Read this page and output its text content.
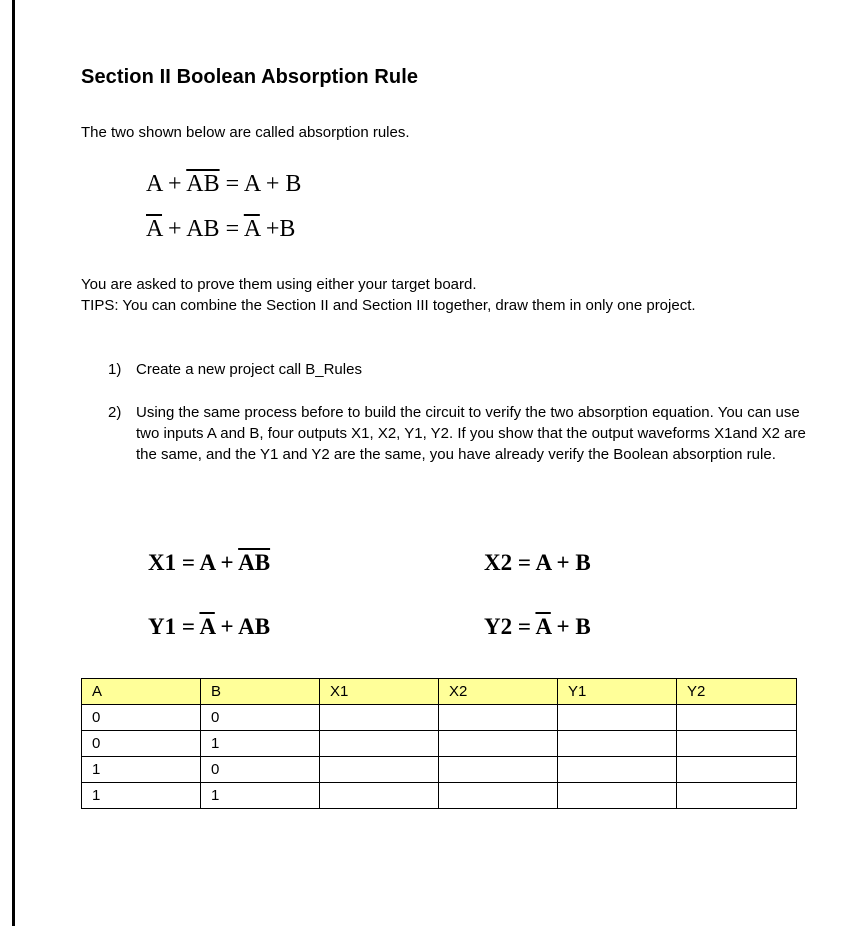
Section II Boolean Absorption Rule
The two shown below are called absorption rules.
$A + \overline{AB} = A + B$
$\overline{A}$ + AB = $\overline{A} +B$
You are asked to prove them using either your target board.
TIPS: You can combine the Section II and Section III together, draw them in only one project.
1) Create a new project call B_Rules
2) Using the same process before to build the circuit to verify the two absorption equation. You can use two inputs A and B, four outputs X1, X2, Y1, Y2. If you show that the output waveforms X1and X2 are the same, and the Y1 and Y2 are the same, you have already verify the Boolean absorption rule.
$X1 = A + \overline{AB}$	X2 = A + B
$Y1 = \overline{A}$ + AB	$Y2 = \overline{A} + B$
A	B	X1	X2	Y1	Y2
0	0				
0	1				
1	0				
1	1				
